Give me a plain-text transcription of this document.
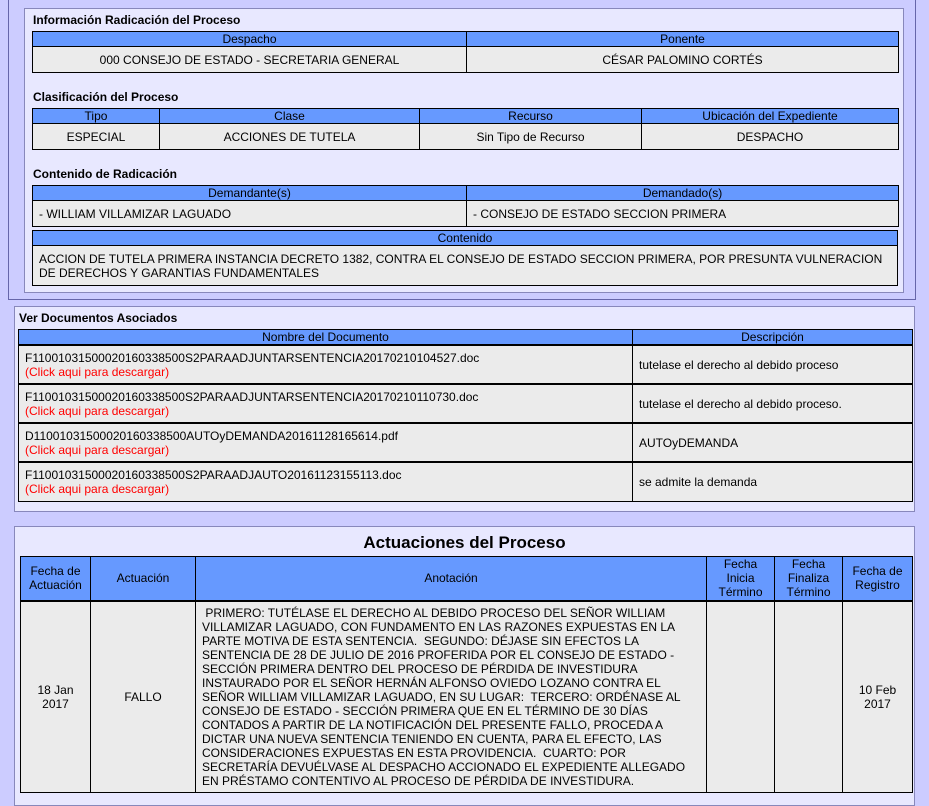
Información Radicación del Proceso
Despacho	Ponente
000 CONSEJO DE ESTADO - SECRETARIA GENERAL	CÉSAR PALOMINO CORTÉS
Clasificación del Proceso
Tipo	Clase	Recurso	Ubicación del Expediente
ESPECIAL	ACCIONES DE TUTELA	Sin Tipo de Recurso	DESPACHO
Contenido de Radicación
Demandante(s)	Demandado(s)
- WILLIAM VILLAMIZAR LAGUADO	- CONSEJO DE ESTADO SECCION PRIMERA
Contenido
ACCION DE TUTELA PRIMERA INSTANCIA DECRETO 1382, CONTRA EL CONSEJO DE ESTADO SECCION PRIMERA, POR PRESUNTA VULNERACION DE DERECHOS Y GARANTIAS FUNDAMENTALES
Ver Documentos Asociados
Nombre del Documento	Descripción

F11001031500020160338500S2PARAADJUNTARSENTENCIA20170210104527.doc
(Click aqui para descargar)	tutelase el derecho al debido proceso

F11001031500020160338500S2PARAADJUNTARSENTENCIA20170210110730.doc
(Click aqui para descargar)	tutelase el derecho al debido proceso.

D11001031500020160338500AUTOyDEMANDA20161128165614.pdf
(Click aqui para descargar)	AUTOyDEMANDA

F11001031500020160338500S2PARAADJAUTO20161123155113.doc
(Click aqui para descargar)	se admite la demanda
Actuaciones del Proceso
Fecha de Actuación	Actuación	Anotación	Fecha Inicia Término	Fecha Finaliza Término	Fecha de Registro
18 Jan 2017	FALLO	PRIMERO: TUTÉLASE EL DERECHO AL DEBIDO PROCESO DEL SEÑOR WILLIAM VILLAMIZAR LAGUADO, CON FUNDAMENTO EN LAS RAZONES EXPUESTAS EN LA PARTE MOTIVA DE ESTA SENTENCIA.  SEGUNDO: DÉJASE SIN EFECTOS LA SENTENCIA DE 28 DE JULIO DE 2016 PROFERIDA POR EL CONSEJO DE ESTADO - SECCIÓN PRIMERA DENTRO DEL PROCESO DE PÉRDIDA DE INVESTIDURA INSTAURADO POR EL SEÑOR HERNÁN ALFONSO OVIEDO LOZANO CONTRA EL SEÑOR WILLIAM VILLAMIZAR LAGUADO, EN SU LUGAR:  TERCERO: ORDÉNASE AL CONSEJO DE ESTADO - SECCIÓN PRIMERA QUE EN EL TÉRMINO DE 30 DÍAS CONTADOS A PARTIR DE LA NOTIFICACIÓN DEL PRESENTE FALLO, PROCEDA A DICTAR UNA NUEVA SENTENCIA TENIENDO EN CUENTA, PARA EL EFECTO, LAS CONSIDERACIONES EXPUESTAS EN ESTA PROVIDENCIA.  CUARTO: POR SECRETARÍA DEVUÉLVASE AL DESPACHO ACCIONADO EL EXPEDIENTE ALLEGADO EN PRÉSTAMO CONTENTIVO AL PROCESO DE PÉRDIDA DE INVESTIDURA.			10 Feb 2017
